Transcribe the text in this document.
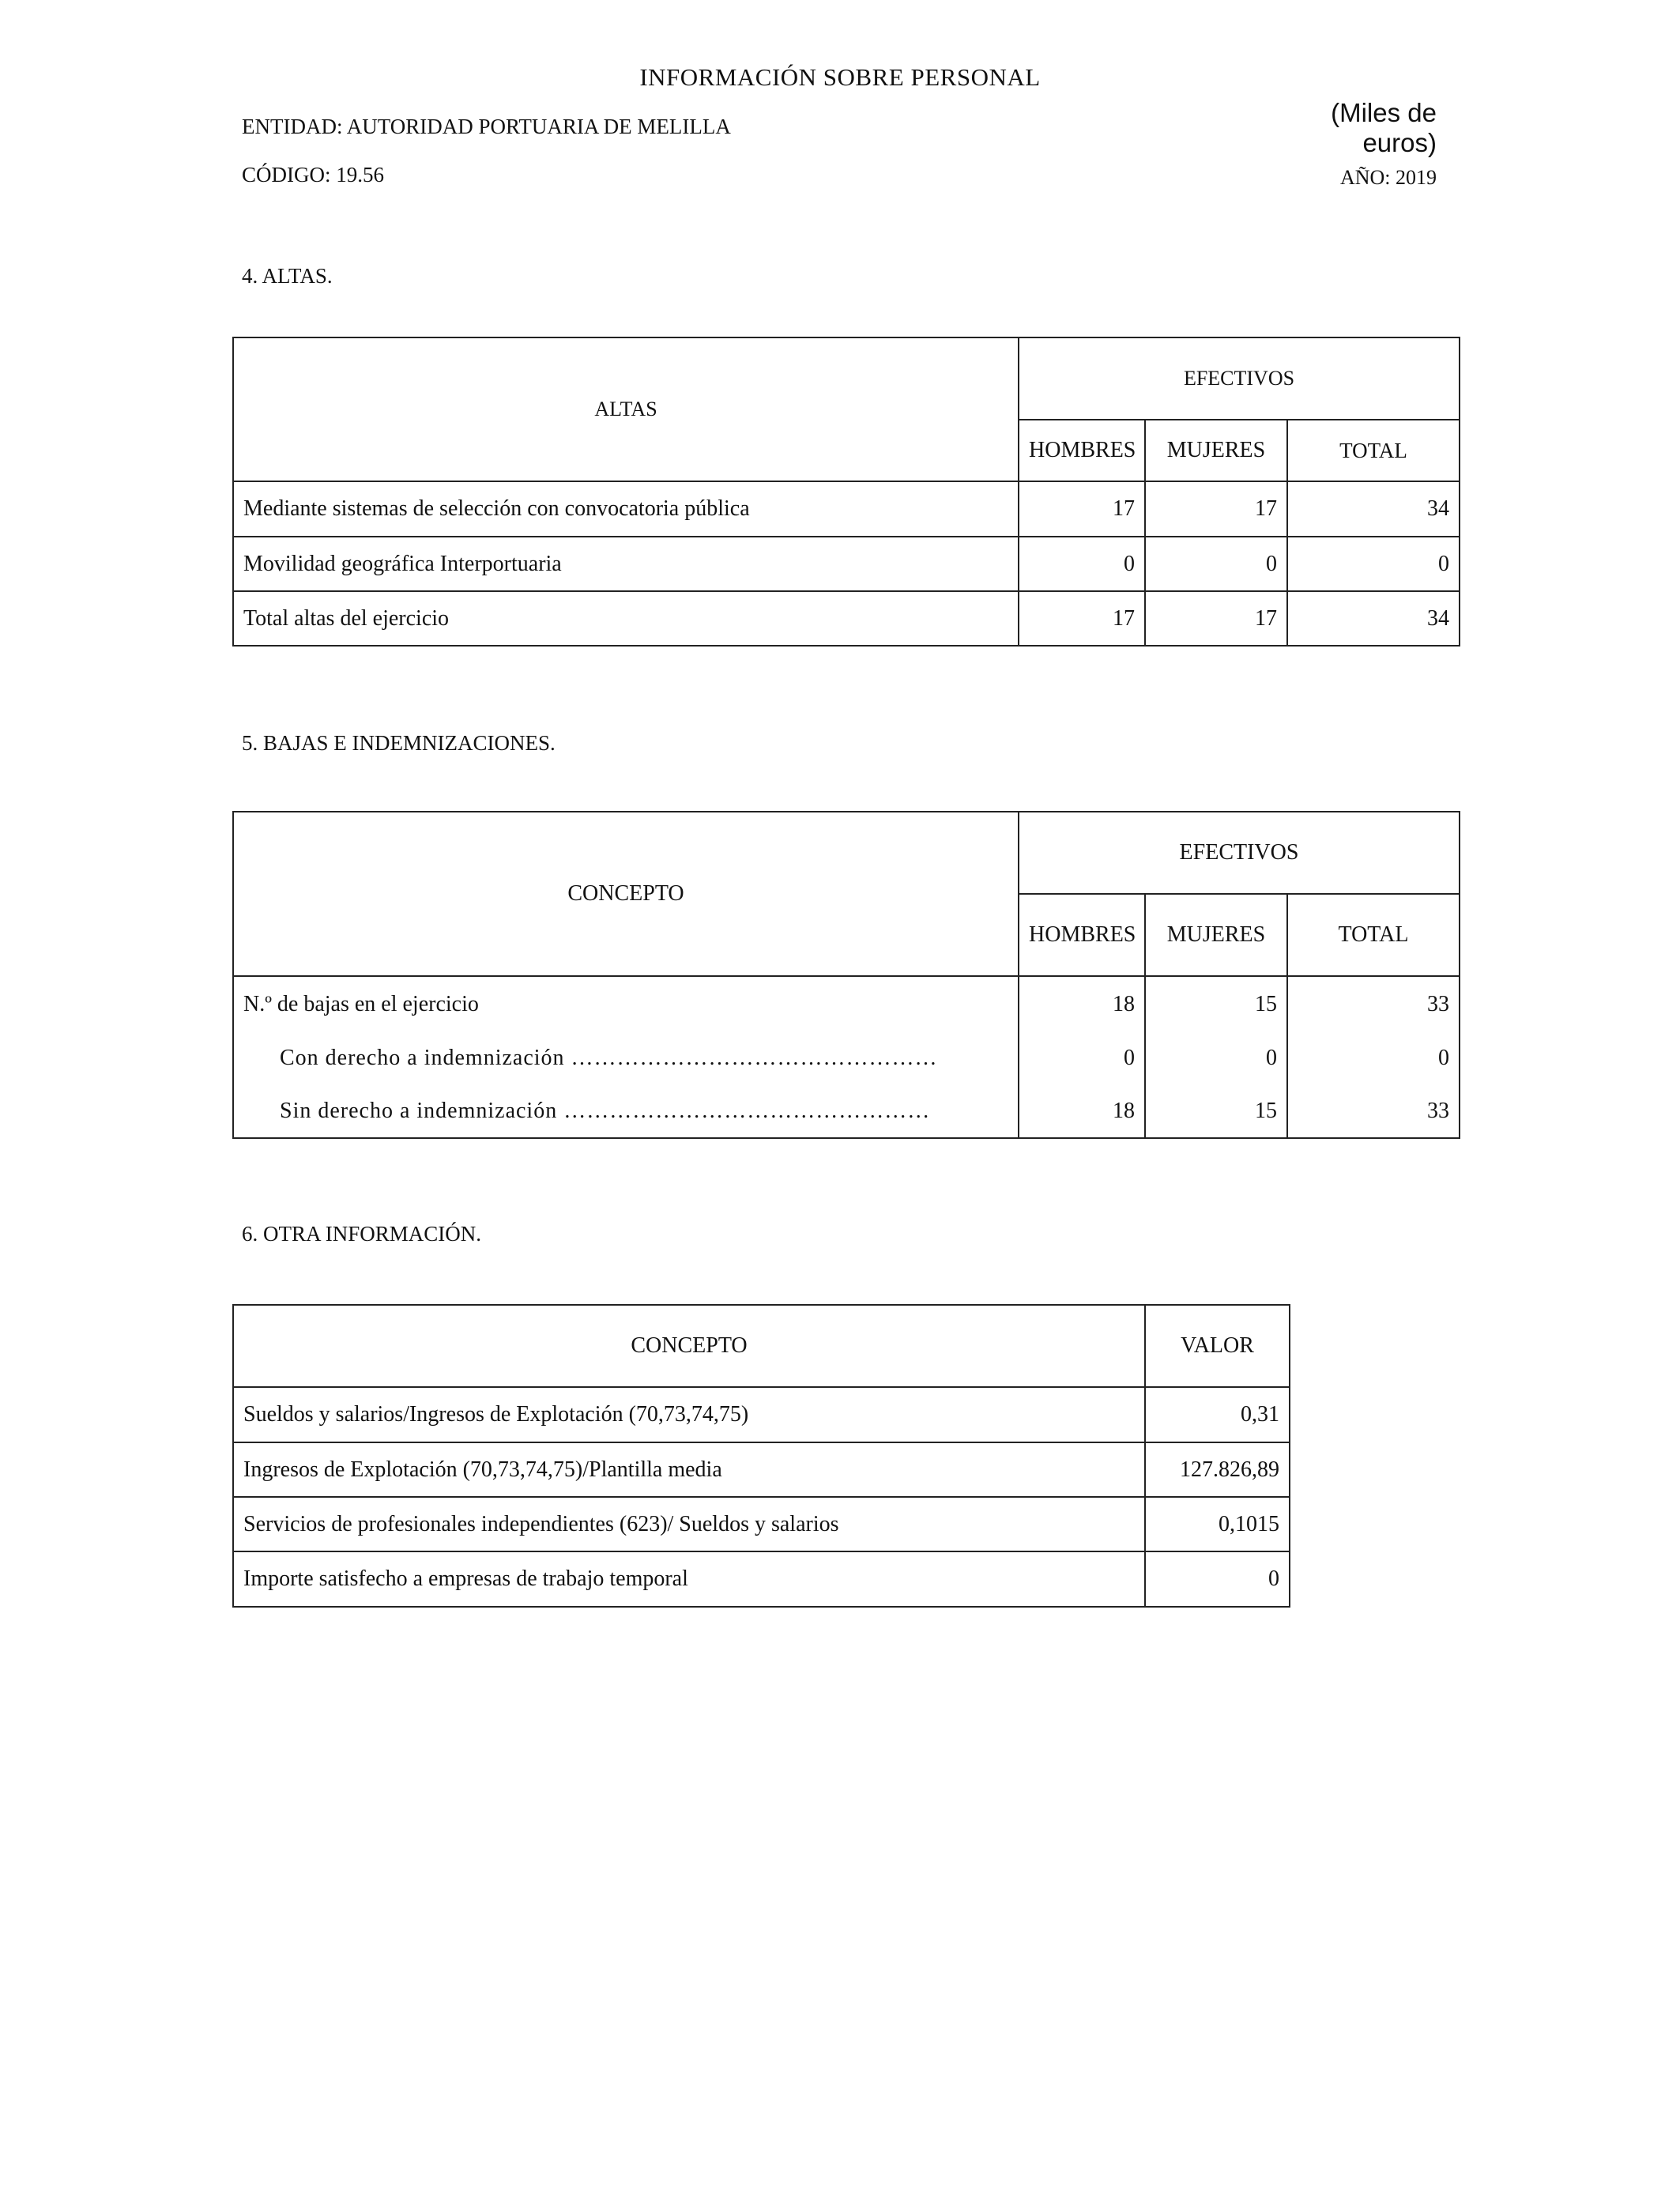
INFORMACIÓN SOBRE PERSONAL
ENTIDAD: AUTORIDAD PORTUARIA DE MELILLA
CÓDIGO: 19.56
(Miles de
euros)
AÑO: 2019
4. ALTAS.
ALTAS	EFECTIVOS		
	HOMBRES	MUJERES	TOTAL
Mediante sistemas de selección con convocatoria pública	17	17	34
Movilidad geográfica Interportuaria	0	0	0
Total altas del ejercicio	17	17	34
5. BAJAS E INDEMNIZACIONES.
CONCEPTO	EFECTIVOS		
	HOMBRES	MUJERES	TOTAL
N.º de bajas en el ejercicio	18	15	33
Con derecho a indemnización …………………………………………	0	0	0
Sin derecho a indemnización …………………………………………	18	15	33
6. OTRA INFORMACIÓN.
CONCEPTO	VALOR
Sueldos y salarios/Ingresos de Explotación (70,73,74,75)	0,31
Ingresos de Explotación (70,73,74,75)/Plantilla media	127.826,89
Servicios de profesionales independientes (623)/ Sueldos y salarios	0,1015
Importe satisfecho a empresas de trabajo temporal	0
